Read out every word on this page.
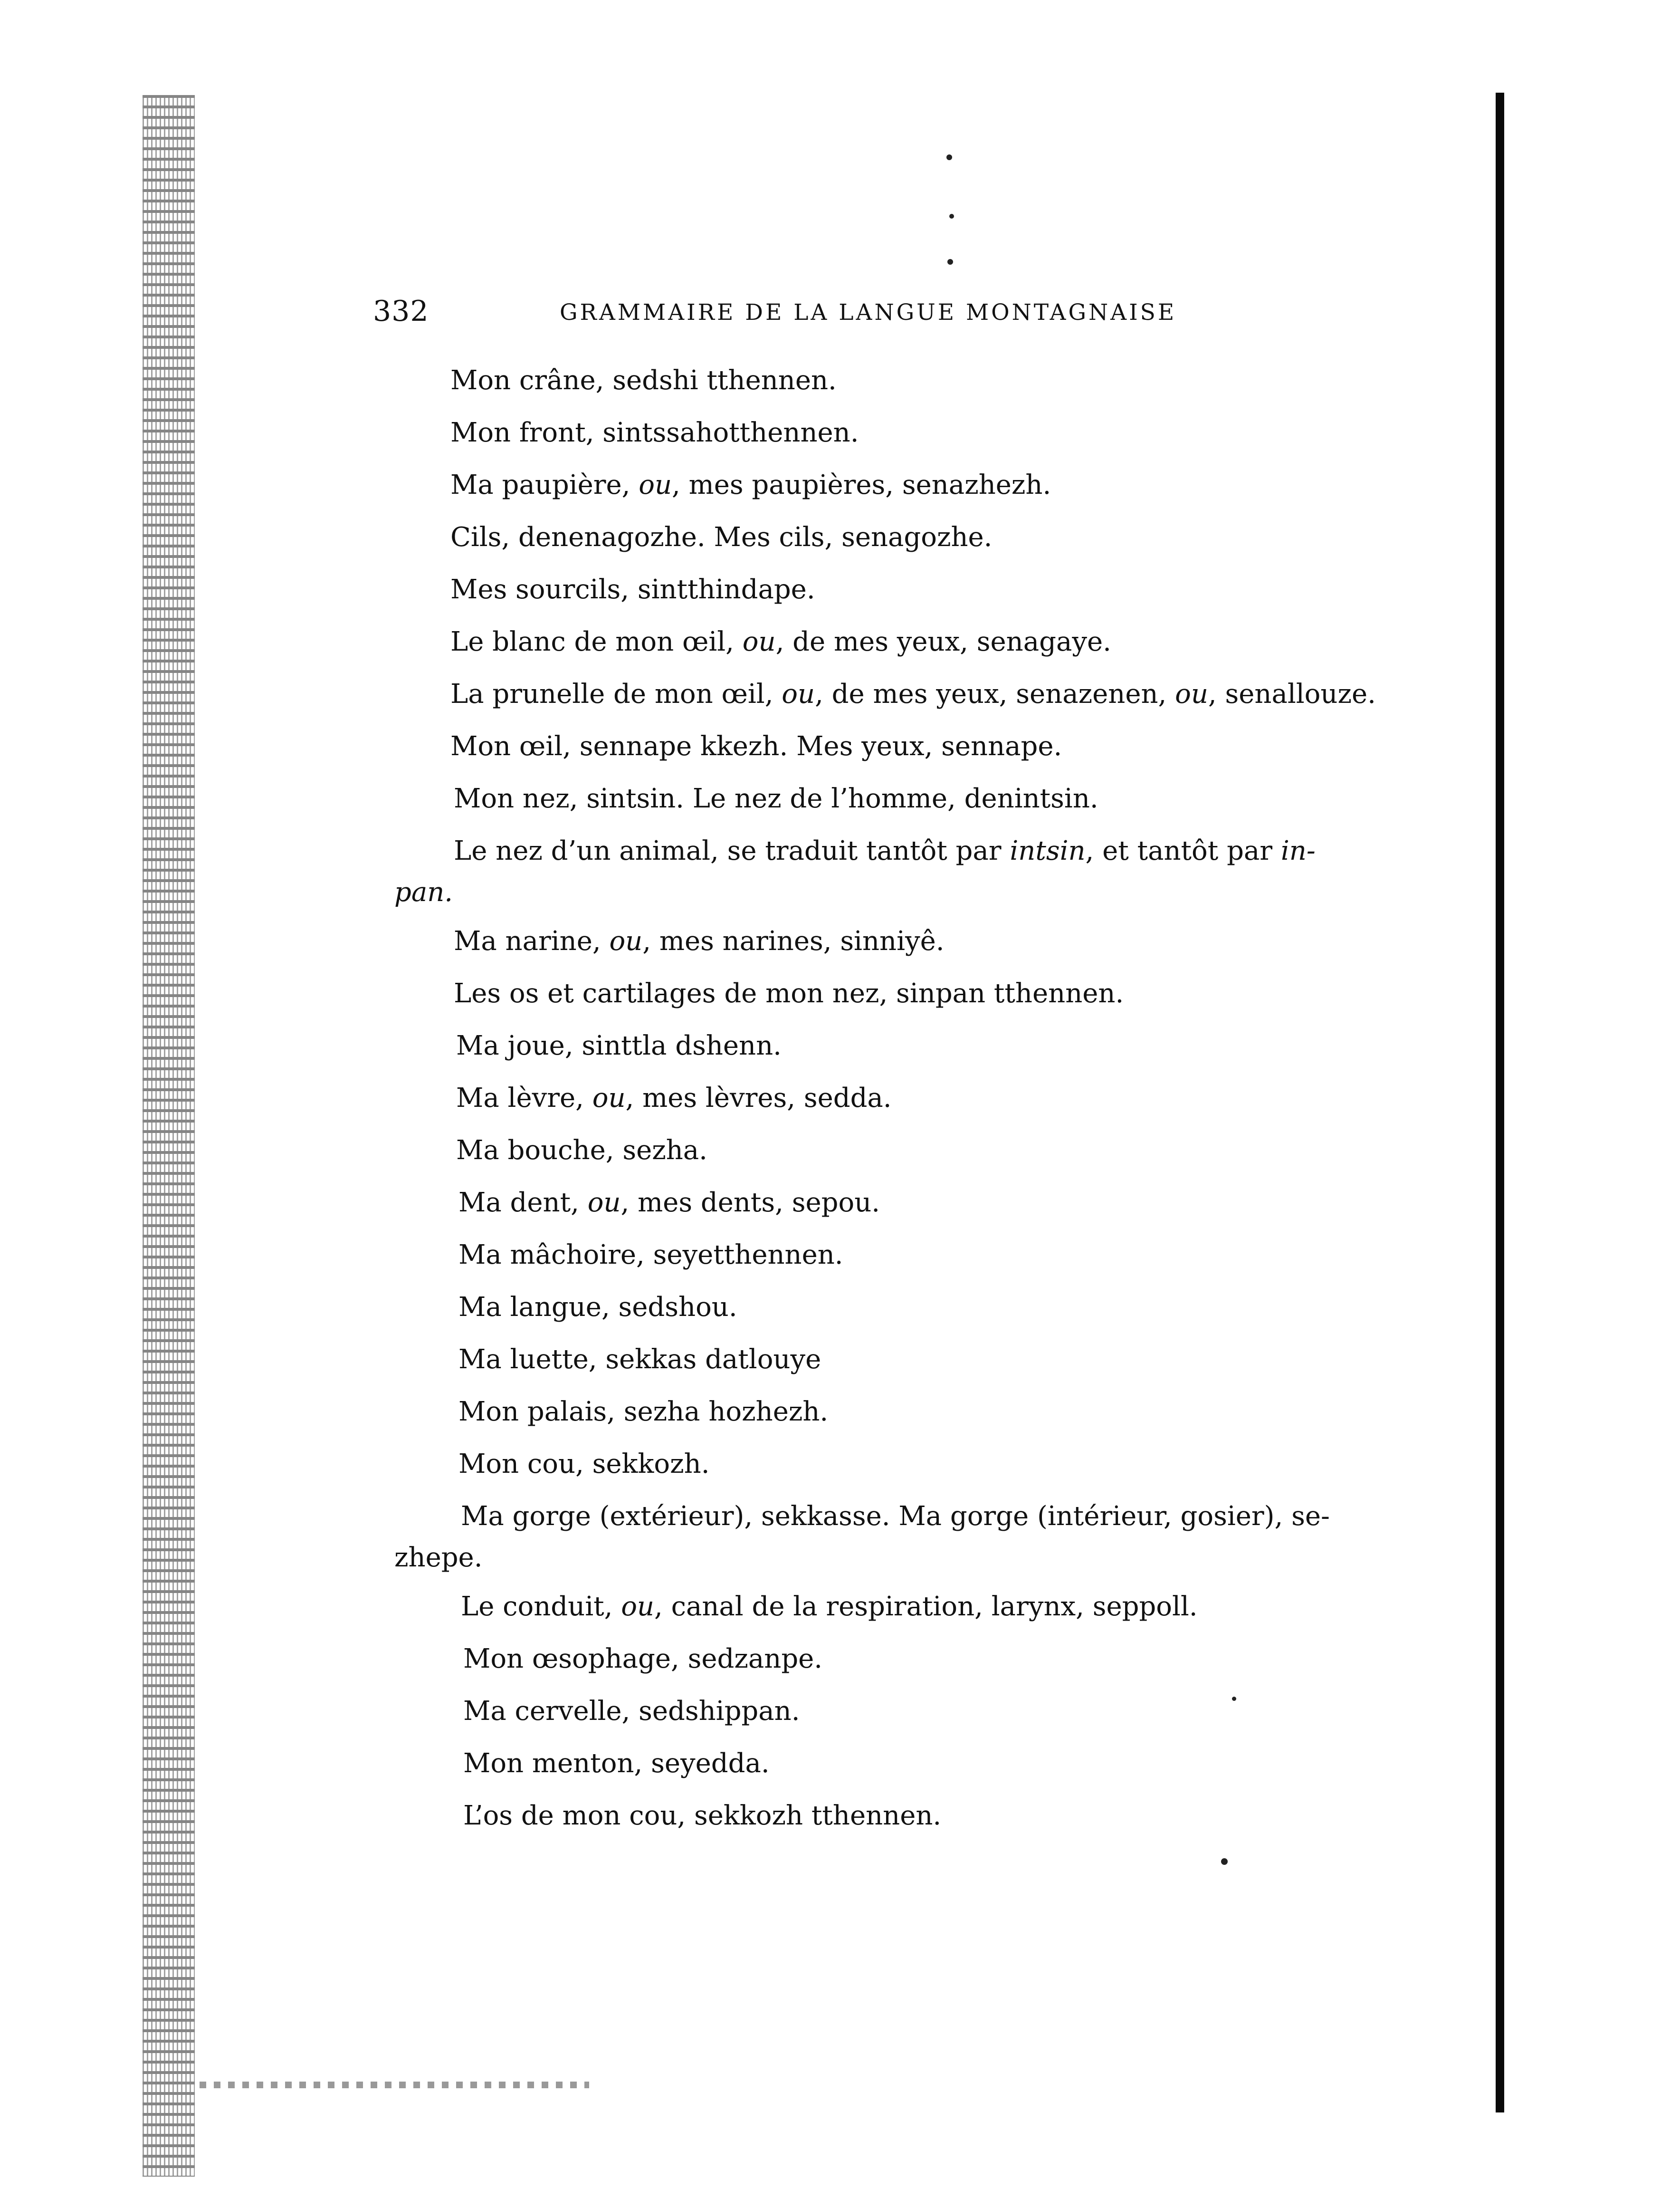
332	GRAMMAIRE DE LA LANGUE MONTAGNAISE
Mon crâne, sedshi tthennen.
Mon front, sintssahotthennen.
Ma paupière, ou, mes paupières, senazhezh.
Cils, denenagozhe. Mes cils, senagozhe.
Mes sourcils, sintthindape.
Le blanc de mon œil, ou, de mes yeux, senagaye.
La prunelle de mon œil, ou, de mes yeux, senazenen, ou, senallouze.
Mon œil, sennape kkezh. Mes yeux, sennape.
Mon nez, sintsin. Le nez de l’homme, denintsin.
Le nez d’un animal, se traduit tantôt par intsin, et tantôt par in-
pan.
Ma narine, ou, mes narines, sinniyê.
Les os et cartilages de mon nez, sinpan tthennen.
Ma joue, sinttla dshenn.
Ma lèvre, ou, mes lèvres, sedda.
Ma bouche, sezha.
Ma dent, ou, mes dents, sepou.
Ma mâchoire, seyetthennen.
Ma langue, sedshou.
Ma luette, sekkas datlouye
Mon palais, sezha hozhezh.
Mon cou, sekkozh.
Ma gorge (extérieur), sekkasse. Ma gorge (intérieur, gosier), se-
zhepe.
Le conduit, ou, canal de la respiration, larynx, seppoll.
Mon œsophage, sedzanpe.
Ma cervelle, sedshippan.
Mon menton, seyedda.
L’os de mon cou, sekkozh tthennen.
